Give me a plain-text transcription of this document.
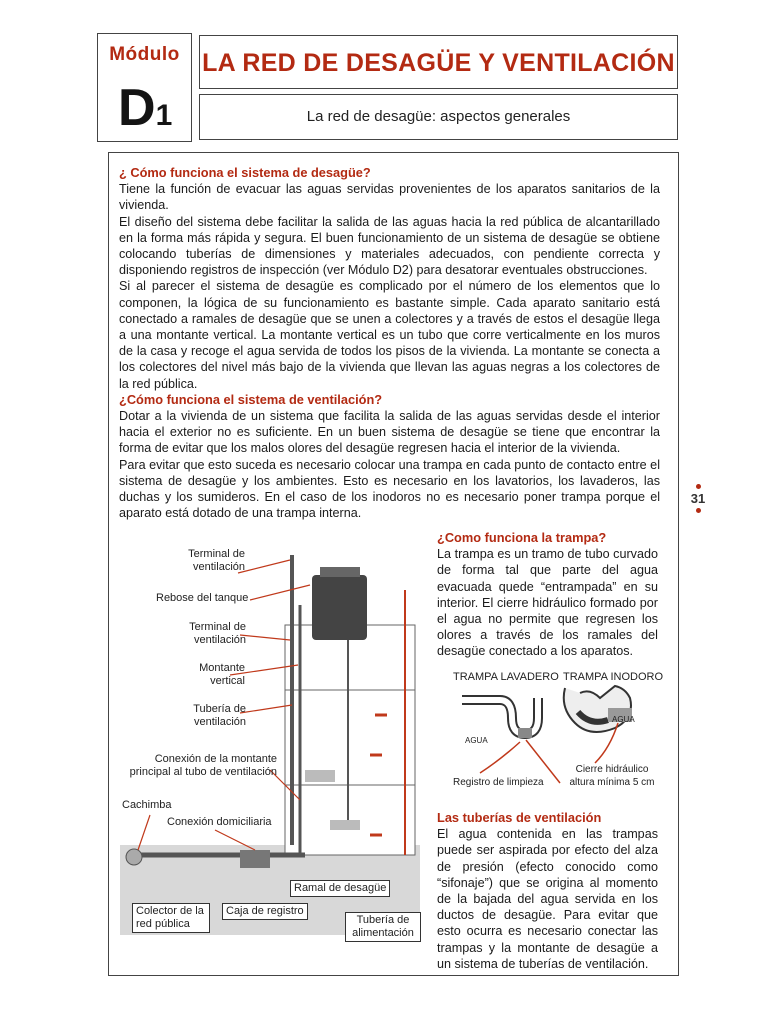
Módulo
D1
LA RED DE DESAGÜE Y VENTILACIÓN
La red de desagüe: aspectos generales

¿ Cómo funciona el sistema de desagüe?

Tiene la función de evacuar las aguas servidas provenientes de los aparatos sanitarios de la vivienda.

El diseño del sistema debe facilitar la salida de las aguas hacia la red pública de alcantarillado en la forma más rápida y segura. El buen funcionamiento de un sistema de desagüe se obtiene colocando tuberías de dimensiones y materiales adecuados, con pendiente correcta y disponiendo registros de inspección (ver Módulo D2) para desatorar eventuales obstrucciones.

Si al parecer el sistema de desagüe es complicado por el número de los elementos que lo componen, la lógica de su funcionamiento es bastante simple. Cada aparato sanitario está conectado a ramales de desagüe que se unen a colectores y a través de estos el desagüe llega a una montante vertical. La montante vertical es un tubo que corre verticalmente en los muros de la casa y recoge el agua servida de todos los pisos de la vivienda. La montante se conecta a los colectores del nivel más bajo de la vivienda que llevan las aguas negras a los colectores de la red pública.

¿Cómo funciona el sistema de ventilación?

Dotar a la vivienda de un sistema que facilita la salida de las aguas servidas desde el interior hacia el exterior no es suficiente. En un buen sistema de desagüe se tiene que encontrar la forma de evitar que los malos olores del desagüe regresen hacia el interior de la vivienda.

Para evitar que esto suceda es necesario colocar una trampa en cada punto de contacto entre el sistema de desagüe y los ambientes. Esto es necesario en los lavatorios, los lavaderos, las duchas y los sumideros. En el caso de los inodoros no es necesario poner trampa porque el aparato está dotado de una trampa interna.

31

¿Como funciona la trampa?

La trampa es un tramo de tubo curvado de forma tal que parte del agua evacuada quede “entrampada” en su interior. El cierre hidráulico formado por el agua no permite que regresen los olores a través de los ramales del desagüe conectado a los aparatos.

Las tuberías de ventilación

El agua contenida en las trampas puede ser aspirada por efecto del alza de presión (efecto conocido como “sifonaje”) que se origina al momento de la bajada del agua servida en los ductos de desagüe. Para evitar que esto ocurra es necesario conectar las trampas y la montante de desagüe a un sistema de tuberías de ventilación.

TRAMPA LAVADERO TRAMPA INODORO
AGUA
AGUA
Registro de limpieza
Cierre hidráulico altura mínima 5 cm
Terminal de ventilación
Rebose del tanque
Terminal de ventilación
Montante vertical
Tubería de ventilación
Conexión de la montante principal al tubo de ventilación
Cachimba
Conexión domiciliaria
Ramal de desagüe
Colector de la red pública
Caja de registro
Tubería de alimentación
